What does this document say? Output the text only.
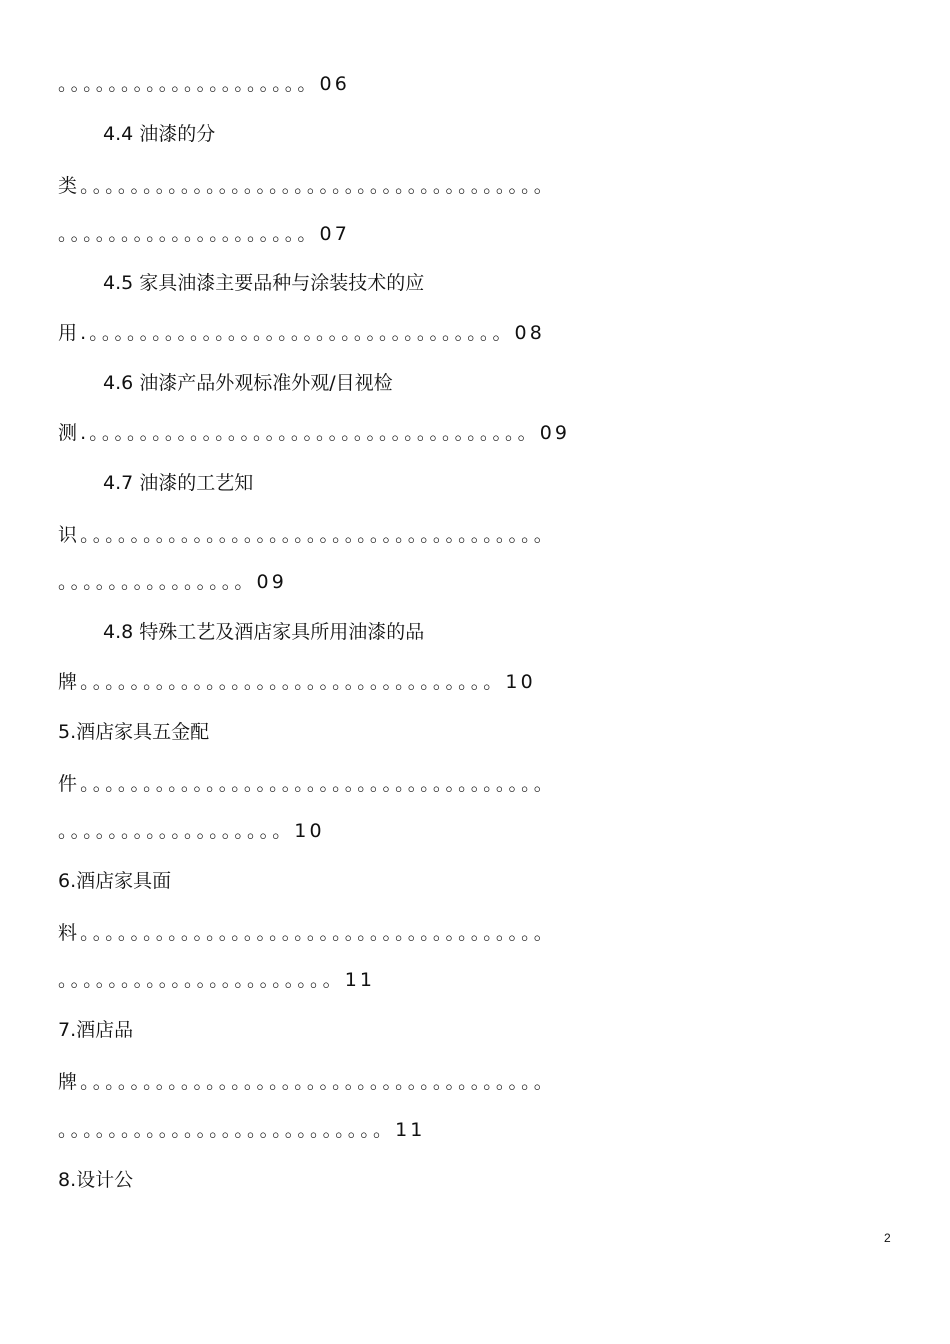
。。。。。。。。。。。。。。。。。。。。06
4.4 油漆的分
类。。。。。。。。。。。。。。。。。。。。。。。。。。。。。。。。。。。。。
。。。。。。。。。。。。。。。。。。。。07
4.5 家具油漆主要品种与涂装技术的应
用.。。。。。。。。。。。。。。。。。。。。。。。。。。。。。。。。。08
4.6 油漆产品外观标准外观/目视检
测.。。。。。。。。。。。。。。。。。。。。。。。。。。。。。。。。。。。09
4.7 油漆的工艺知
识。。。。。。。。。。。。。。。。。。。。。。。。。。。。。。。。。。。。。
。。。。。。。。。。。。。。。09
4.8 特殊工艺及酒店家具所用油漆的品
牌。。。。。。。。。。。。。。。。。。。。。。。。。。。。。。。。。10
5.酒店家具五金配
件。。。。。。。。。。。。。。。。。。。。。。。。。。。。。。。。。。。。。
。。。。。。。。。。。。。。。。。。10
6.酒店家具面
料。。。。。。。。。。。。。。。。。。。。。。。。。。。。。。。。。。。。。
。。。。。。。。。。。。。。。。。。。。。。11
7.酒店品
牌。。。。。。。。。。。。。。。。。。。。。。。。。。。。。。。。。。。。。
。。。。。。。。。。。。。。。。。。。。。。。。。。11
8.设计公
2
